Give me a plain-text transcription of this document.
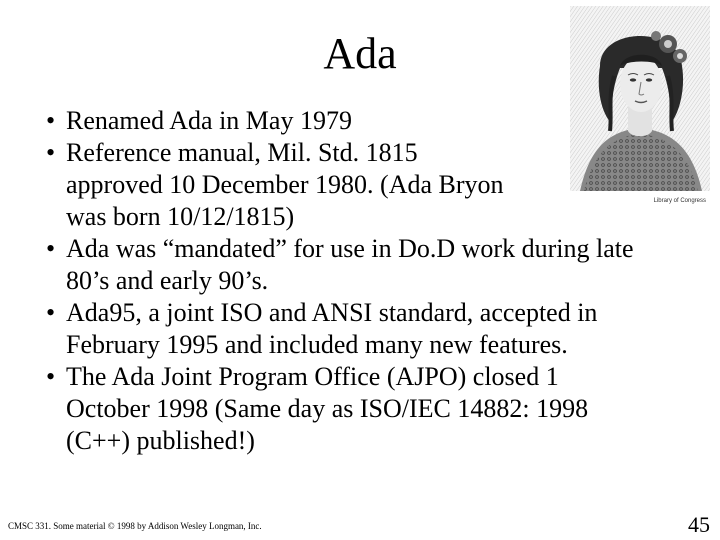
Ada
Library of Congress
• Renamed Ada in May 1979
• Reference manual, Mil. Std. 1815 approved 10 December 1980. (Ada Bryon was born 10/12/1815)
• Ada was “mandated” for use in Do.D work during late 80’s and early 90’s.
• Ada95, a joint ISO and ANSI standard, accepted in February 1995 and included many new features.
• The Ada Joint Program Office (AJPO) closed 1 October 1998 (Same day as ISO/IEC 14882: 1998 (C++) published!)
CMSC 331. Some material © 1998 by Addison Wesley Longman, Inc.	45
